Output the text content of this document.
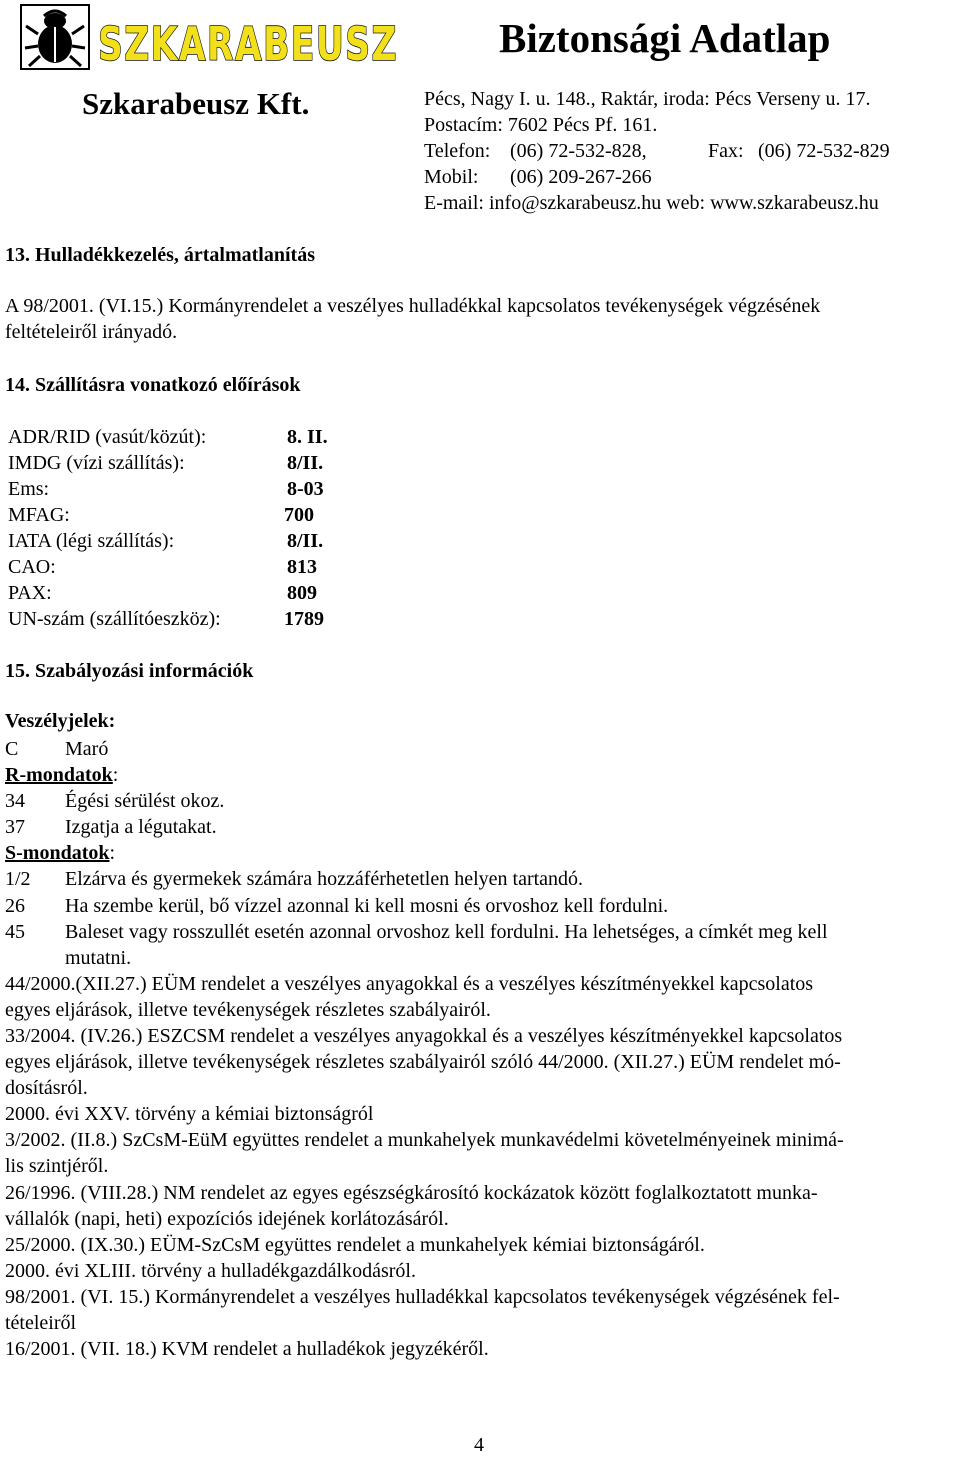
SZKARABEUSZ Biztonsági Adatlap
Szkarabeusz Kft.	Pécs, Nagy I. u. 148., Raktár, iroda: Pécs Verseny u. 17.
Postacím: 7602 Pécs Pf. 161.
Telefon: (06) 72-532-828,	Fax: (06) 72-532-829
Mobil: (06) 209-267-266
E-mail: info@szkarabeusz.hu web: www.szkarabeusz.hu
13. Hulladékkezelés, ártalmatlanítás
A 98/2001. (VI.15.) Kormányrendelet a veszélyes hulladékkal kapcsolatos tevékenységek végzésének
feltételeiről irányadó.
14. Szállításra vonatkozó előírások
ADR/RID (vasút/közút):	8. II.
IMDG (vízi szállítás):	8/II.
Ems:	8-03
MFAG:	700
IATA (légi szállítás):	8/II.
CAO:	813
PAX:	809
UN-szám (szállítóeszköz):	1789
15. Szabályozási információk
Veszélyjelek:
C Maró
R-mondatok:
34 Égési sérülést okoz.
37 Izgatja a légutakat.
S-mondatok:
1/2 Elzárva és gyermekek számára hozzáférhetetlen helyen tartandó.
26 Ha szembe kerül, bő vízzel azonnal ki kell mosni és orvoshoz kell fordulni.
45 Baleset vagy rosszullét esetén azonnal orvoshoz kell fordulni. Ha lehetséges, a címkét meg kell
mutatni.
44/2000.(XII.27.) EÜM rendelet a veszélyes anyagokkal és a veszélyes készítményekkel kapcsolatos
egyes eljárások, illetve tevékenységek részletes szabályairól.
33/2004. (IV.26.) ESZCSM rendelet a veszélyes anyagokkal és a veszélyes készítményekkel kapcsolatos
egyes eljárások, illetve tevékenységek részletes szabályairól szóló 44/2000. (XII.27.) EÜM rendelet mó-
dosításról.
2000. évi XXV. törvény a kémiai biztonságról
3/2002. (II.8.) SzCsM-EüM együttes rendelet a munkahelyek munkavédelmi követelményeinek minimá-
lis szintjéről.
26/1996. (VIII.28.) NM rendelet az egyes egészségkárosító kockázatok között foglalkoztatott munka-
vállalók (napi, heti) expozíciós idejének korlátozásáról.
25/2000. (IX.30.) EÜM-SzCsM együttes rendelet a munkahelyek kémiai biztonságáról.
2000. évi XLIII. törvény a hulladékgazdálkodásról.
98/2001. (VI. 15.) Kormányrendelet a veszélyes hulladékkal kapcsolatos tevékenységek végzésének fel-
tételeiről
16/2001. (VII. 18.) KVM rendelet a hulladékok jegyzékéről.
4
